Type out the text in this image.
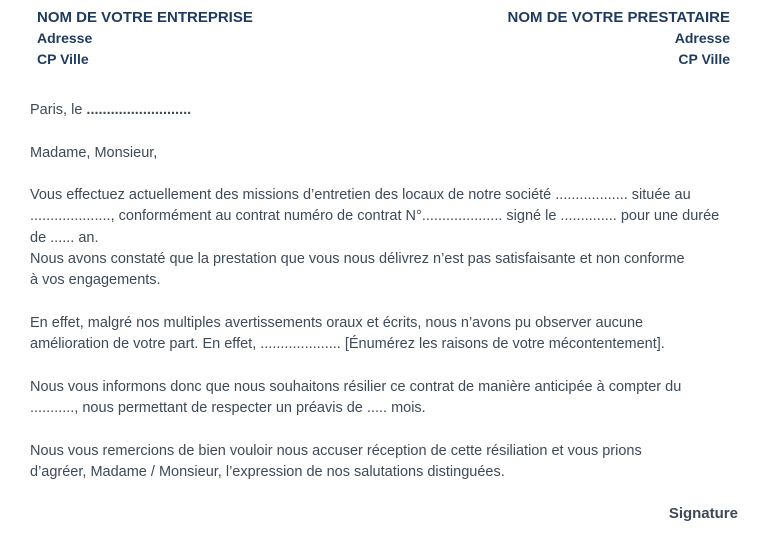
NOM DE VOTRE ENTREPRISE
Adresse
CP Ville
NOM DE VOTRE PRESTATAIRE
Adresse
CP Ville
Paris, le ..........................

Madame, Monsieur,

Vous effectuez actuellement des missions d’entretien des locaux de notre société .................. située au
...................., conformément au contrat numéro de contrat N°.................... signé le .............. pour une durée
de ...... an.
Nous avons constaté que la prestation que vous nous délivrez n’est pas satisfaisante et non conforme
à vos engagements.

En effet, malgré nos multiples avertissements oraux et écrits, nous n’avons pu observer aucune
amélioration de votre part. En effet, .................... [Énumérez les raisons de votre mécontentement].

Nous vous informons donc que nous souhaitons résilier ce contrat de manière anticipée à compter du
..........., nous permettant de respecter un préavis de ..... mois.

Nous vous remercions de bien vouloir nous accuser réception de cette résiliation et vous prions
d’agréer, Madame / Monsieur, l’expression de nos salutations distinguées.

Signature
